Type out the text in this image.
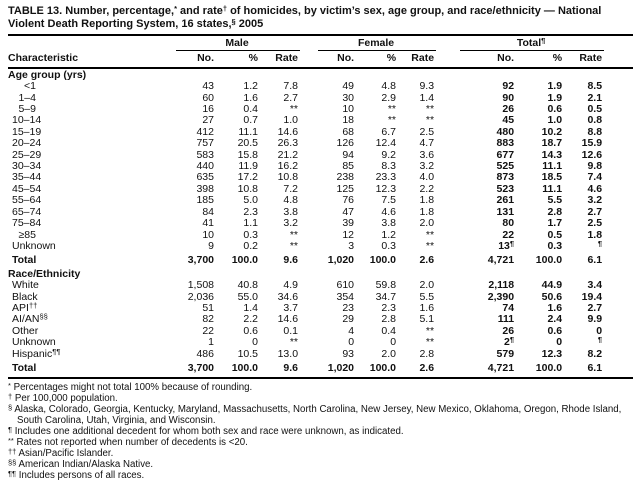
TABLE 13. Number, percentage,* and rate† of homicides, by victim’s sex, age group, and race/ethnicity — National Violent Death Reporting System, 16 states,§ 2005
	Male				Female				Total¶	
Characteristic	No.	%	Rate		No.	%	Rate		No.	%	Rate	
Age group (yrs)												
<1	43	1.2	7.8		49	4.8	9.3		92	1.9	8.5	
1–4	60	1.6	2.7		30	2.9	1.4		90	1.9	2.1	
5–9	16	0.4	**		10	**	**		26	0.6	0.5	
10–14	27	0.7	1.0		18	**	**		45	1.0	0.8	
15–19	412	11.1	14.6		68	6.7	2.5		480	10.2	8.8	
20–24	757	20.5	26.3		126	12.4	4.7		883	18.7	15.9	
25–29	583	15.8	21.2		94	9.2	3.6		677	14.3	12.6	
30–34	440	11.9	16.2		85	8.3	3.2		525	11.1	9.8	
35–44	635	17.2	10.8		238	23.3	4.0		873	18.5	7.4	
45–54	398	10.8	7.2		125	12.3	2.2		523	11.1	4.6	
55–64	185	5.0	4.8		76	7.5	1.8		261	5.5	3.2	
65–74	84	2.3	3.8		47	4.6	1.8		131	2.8	2.7	
75–84	41	1.1	3.2		39	3.8	2.0		80	1.7	2.5	
≥85	10	0.3	**		12	1.2	**		22	0.5	1.8	
Unknown	9	0.2	**		3	0.3	**		13¶	0.3	¶	
Total	3,700	100.0	9.6		1,020	100.0	2.6		4,721	100.0	6.1	
Race/Ethnicity												
White	1,508	40.8	4.9		610	59.8	2.0		2,118	44.9	3.4	
Black	2,036	55.0	34.6		354	34.7	5.5		2,390	50.6	19.4	
API††	51	1.4	3.7		23	2.3	1.6		74	1.6	2.7	
AI/AN§§	82	2.2	14.6		29	2.8	5.1		111	2.4	9.9	
Other	22	0.6	0.1		4	0.4	**		26	0.6	0	
Unknown	1	0	**		0	0	**		2¶	0	¶	
Hispanic¶¶	486	10.5	13.0		93	2.0	2.8		579	12.3	8.2	
Total	3,700	100.0	9.6		1,020	100.0	2.6		4,721	100.0	6.1	
* Percentages might not total 100% because of rounding.
† Per 100,000 population.
§ Alaska, Colorado, Georgia, Kentucky, Maryland, Massachusetts, North Carolina, New Jersey, New Mexico, Oklahoma, Oregon, Rhode Island, South Carolina, Utah, Virginia, and Wisconsin.
¶ Includes one additional decedent for whom both sex and race were unknown, as indicated.
** Rates not reported when number of decedents is <20.
†† Asian/Pacific Islander.
§§ American Indian/Alaska Native.
¶¶ Includes persons of all races.
